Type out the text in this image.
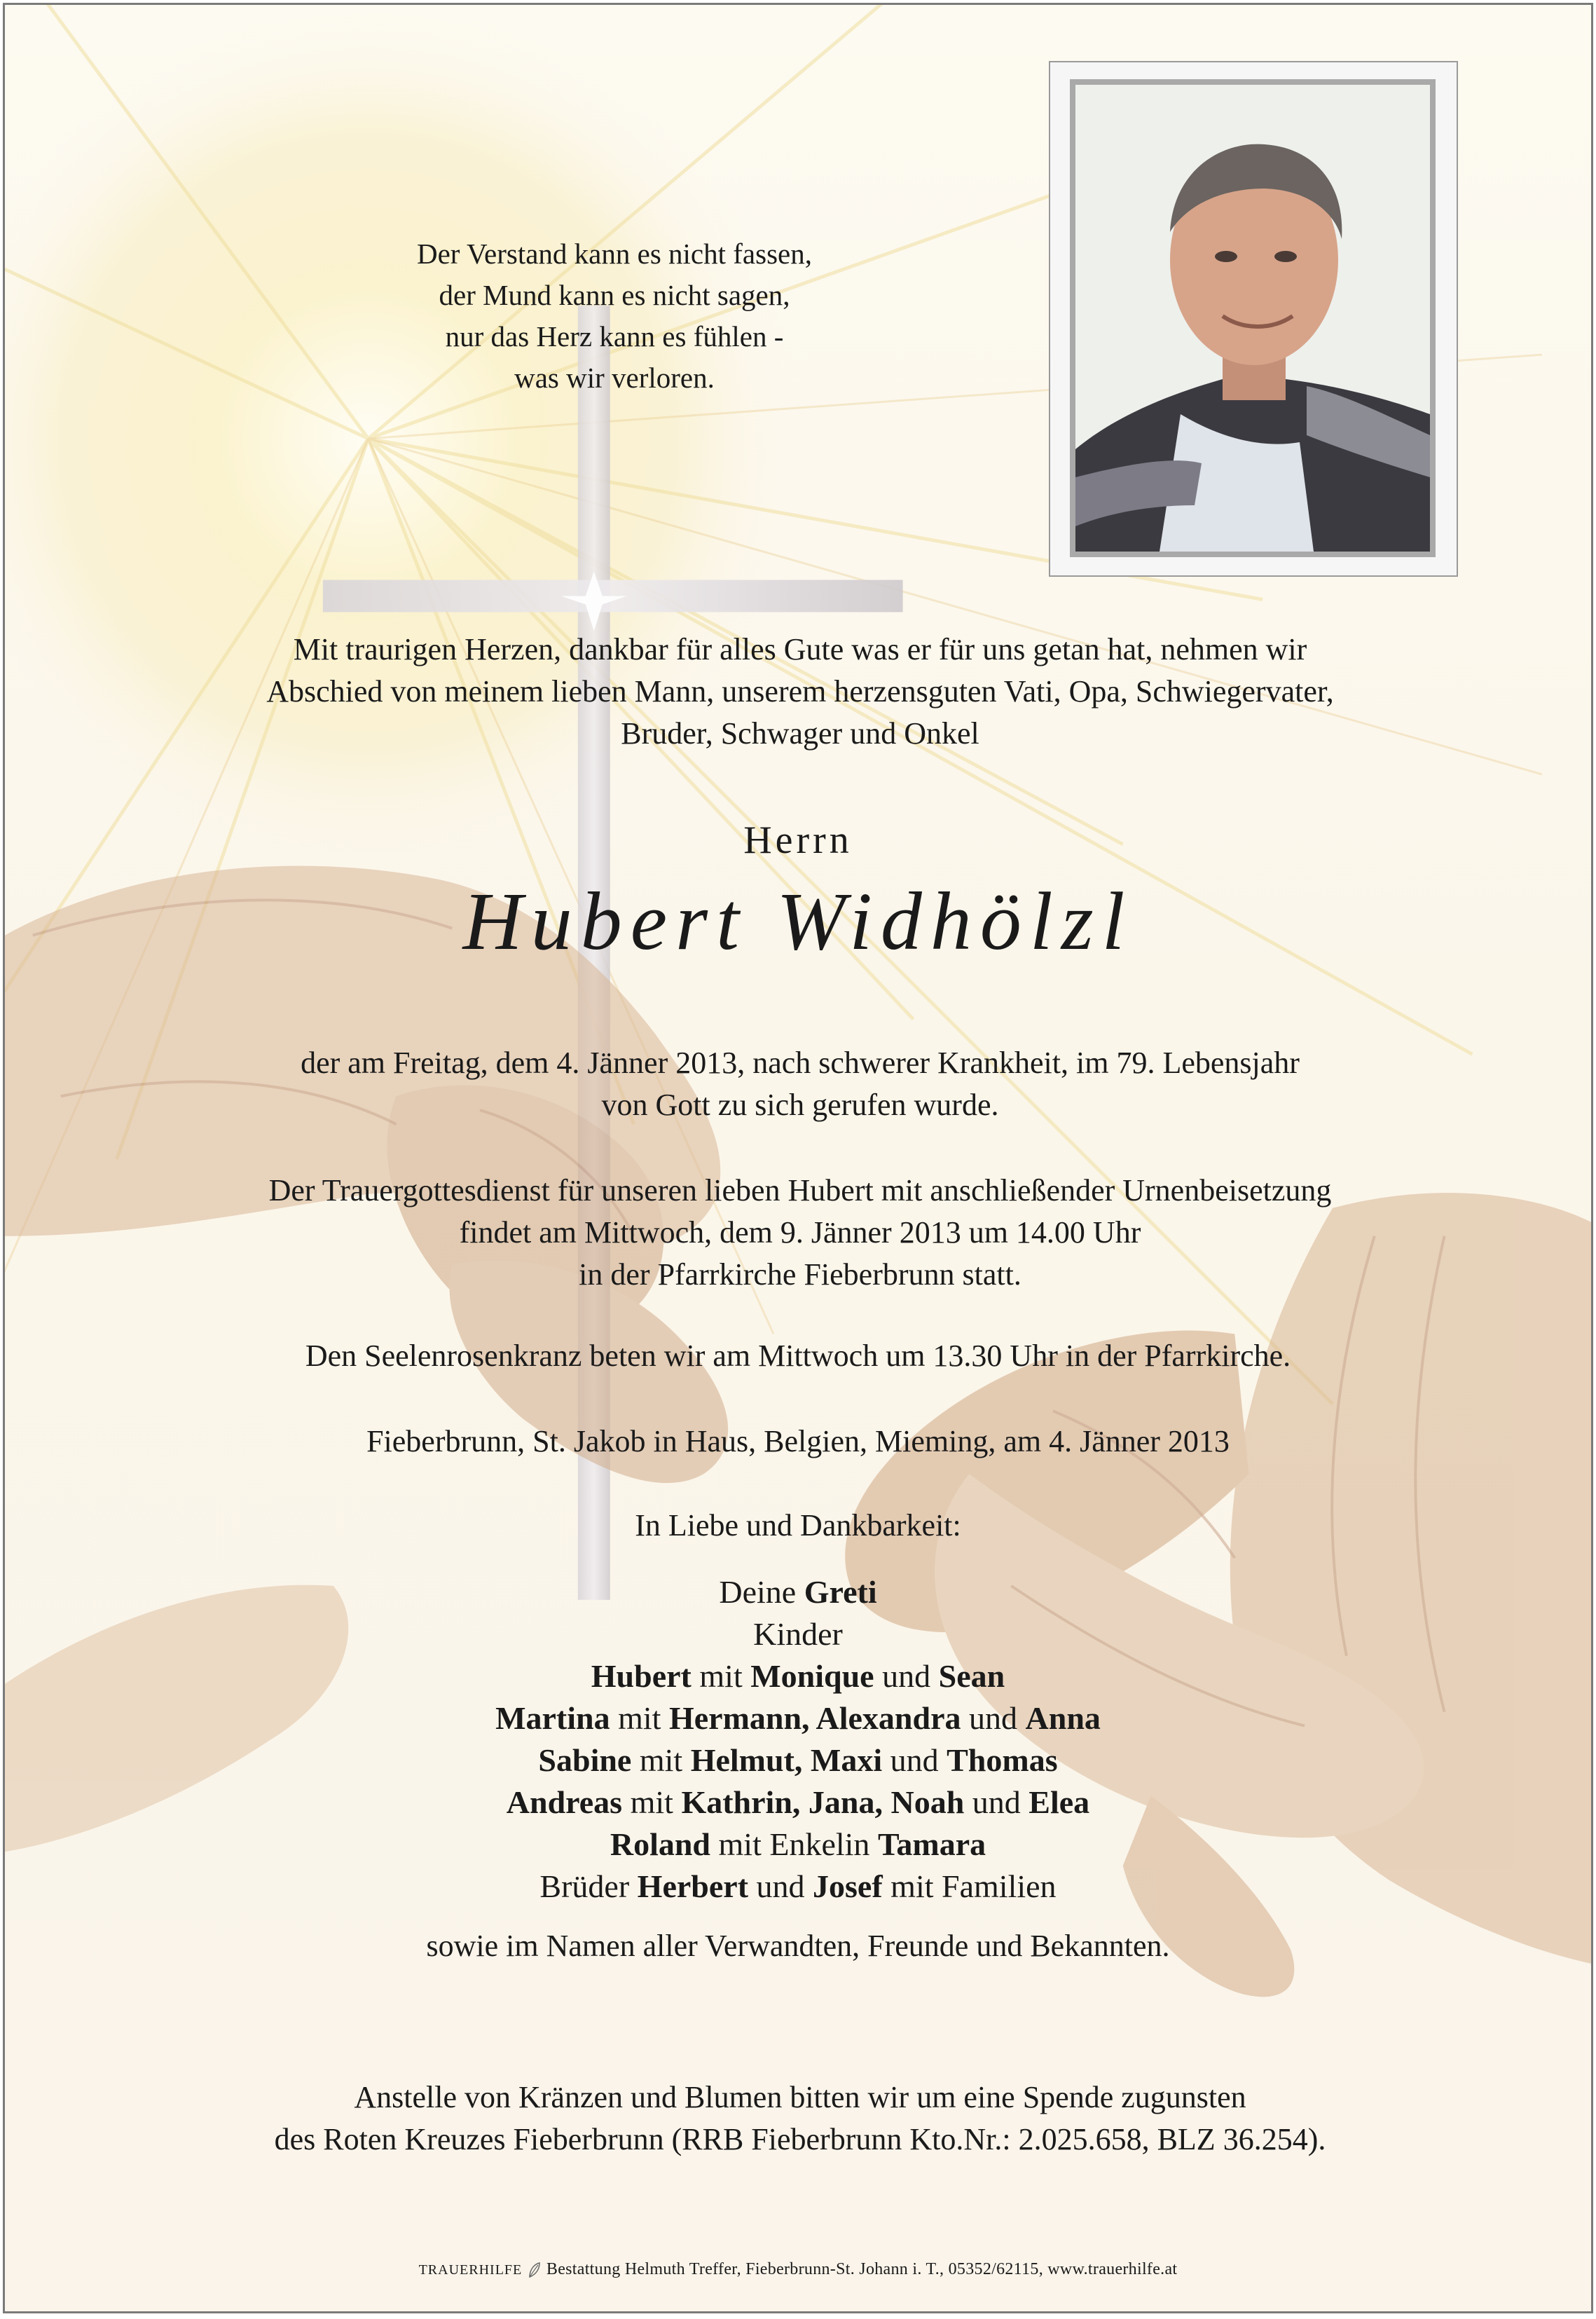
Der Verstand kann es nicht fassen,
der Mund kann es nicht sagen,
nur das Herz kann es fühlen -
was wir verloren.
Mit traurigen Herzen, dankbar für alles Gute was er für uns getan hat, nehmen wir
Abschied von meinem lieben Mann, unserem herzensguten Vati, Opa, Schwiegervater,
Bruder, Schwager und Onkel
Herrn
Hubert Widhölzl
der am Freitag, dem 4. Jänner 2013, nach schwerer Krankheit, im 79. Lebensjahr
von Gott zu sich gerufen wurde.
Der Trauergottesdienst für unseren lieben Hubert mit anschließender Urnenbeisetzung
findet am Mittwoch, dem 9. Jänner 2013 um 14.00 Uhr
in der Pfarrkirche Fieberbrunn statt.
Den Seelenrosenkranz beten wir am Mittwoch um 13.30 Uhr in der Pfarrkirche.
Fieberbrunn, St. Jakob in Haus, Belgien, Mieming, am 4. Jänner 2013
In Liebe und Dankbarkeit:
Deine Greti
Kinder
Hubert mit Monique und Sean
Martina mit Hermann, Alexandra und Anna
Sabine mit Helmut, Maxi und Thomas
Andreas mit Kathrin, Jana, Noah und Elea
Roland mit Enkelin Tamara
Brüder Herbert und Josef mit Familien
sowie im Namen aller Verwandten, Freunde und Bekannten.
Anstelle von Kränzen und Blumen bitten wir um eine Spende zugunsten
des Roten Kreuzes Fieberbrunn (RRB Fieberbrunn Kto.Nr.: 2.025.658, BLZ 36.254).
TRAUERHILFE Bestattung Helmuth Treffer, Fieberbrunn-St. Johann i. T., 05352/62115, www.trauerhilfe.at
